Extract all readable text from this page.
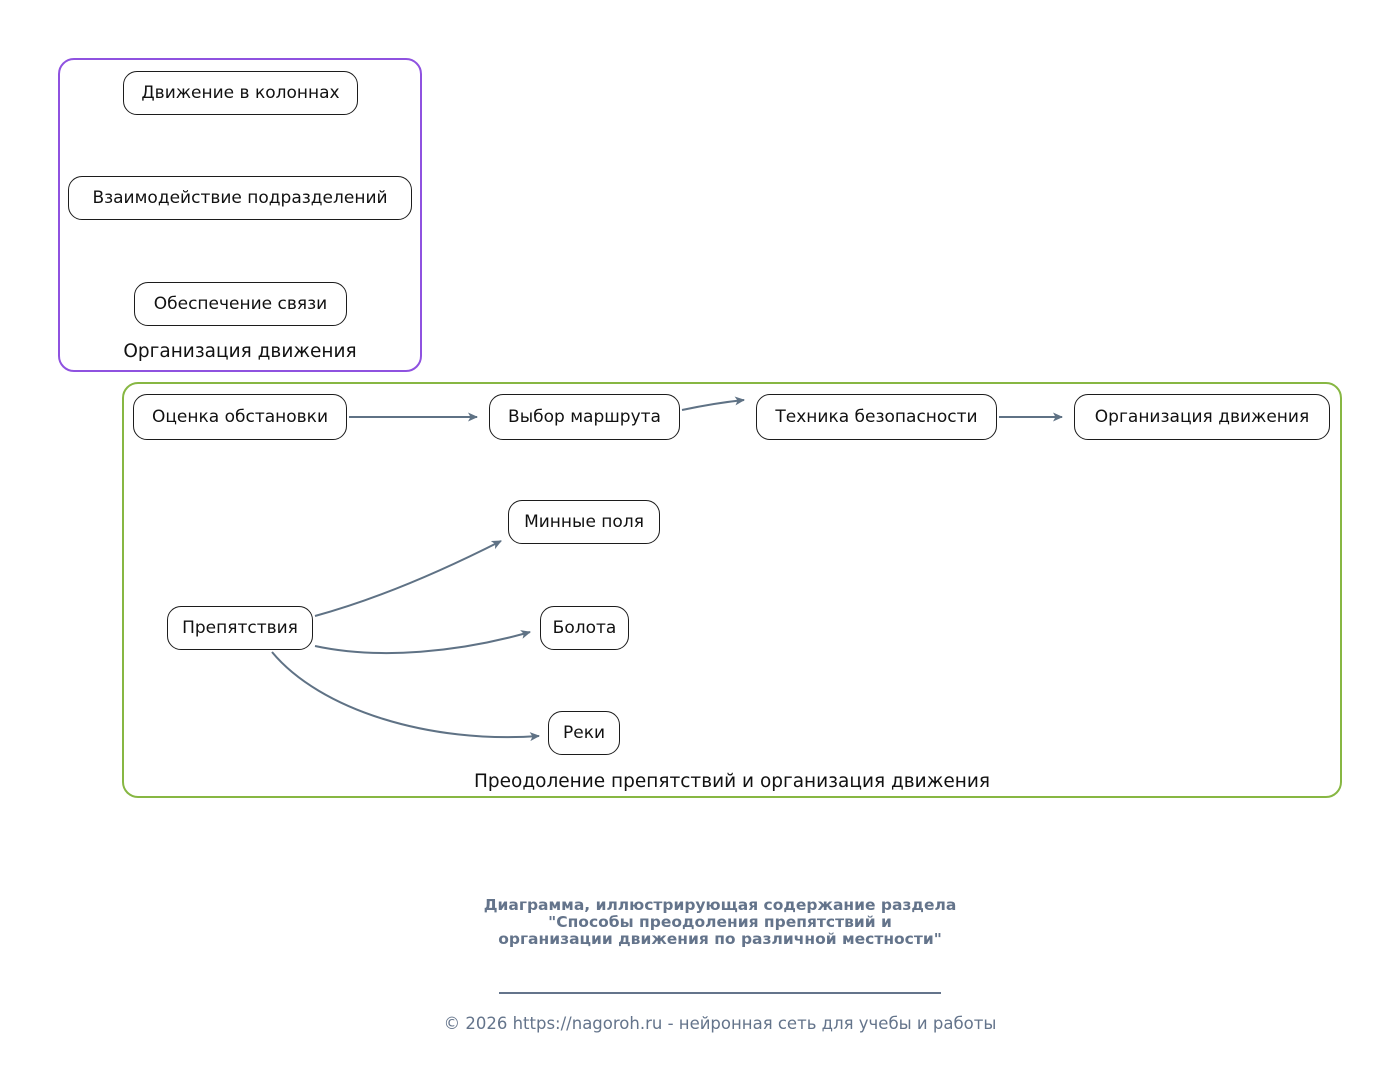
Движение в колоннах
Взаимодействие подразделений
Обеспечение связи
Организация движения
Оценка обстановки	Выбор маршрута	Техника безопасности	Организация движения
Минные поля
Препятствия	Болота
Реки
Преодоление препятствий и организация движения
Диаграмма, иллюстрирующая содержание раздела
"Способы преодоления препятствий и
организации движения по различной местности"
© 2026 https://nagoroh.ru - нейронная сеть для учебы и работы
